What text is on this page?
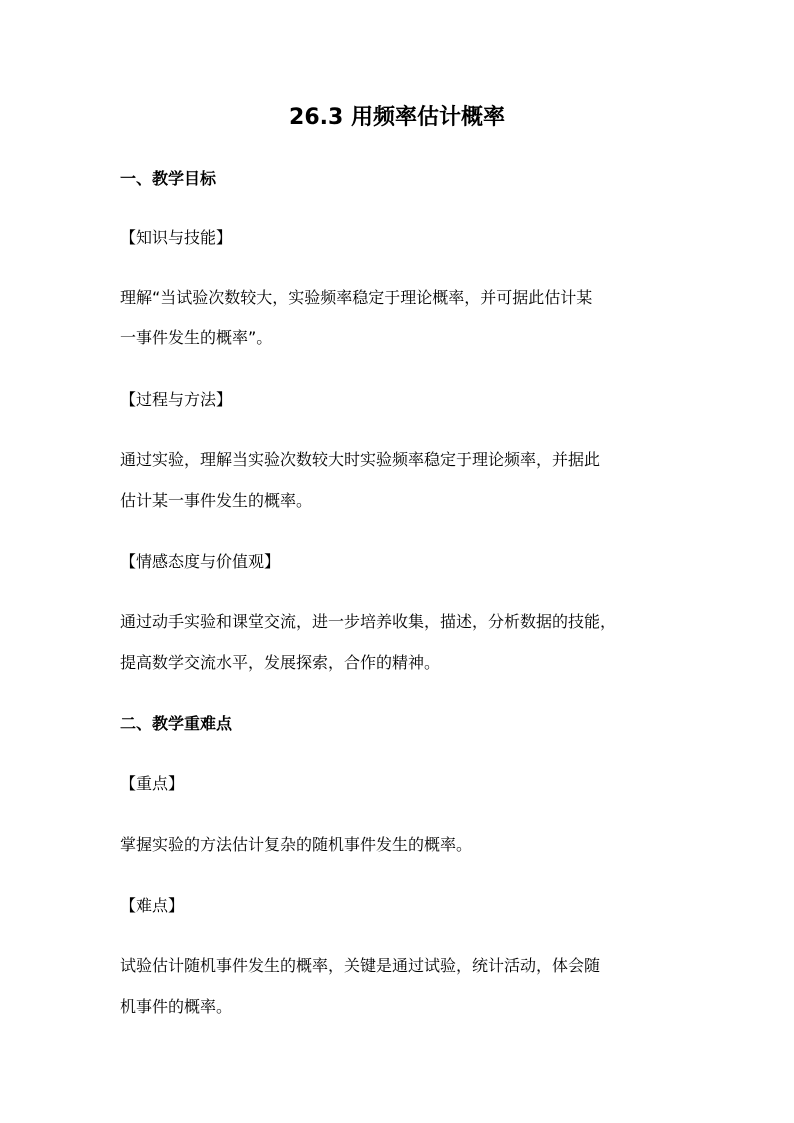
26.3 用频率估计概率
一、教学目标
【知识与技能】
理解“当试验次数较大，实验频率稳定于理论概率，并可据此估计某
一事件发生的概率”。
【过程与方法】
通过实验，理解当实验次数较大时实验频率稳定于理论频率，并据此
估计某一事件发生的概率。
【情感态度与价值观】
通过动手实验和课堂交流，进一步培养收集，描述，分析数据的技能，
提高数学交流水平，发展探索，合作的精神。
二、教学重难点
【重点】
掌握实验的方法估计复杂的随机事件发生的概率。
【难点】
试验估计随机事件发生的概率，关键是通过试验，统计活动，体会随
机事件的概率。
